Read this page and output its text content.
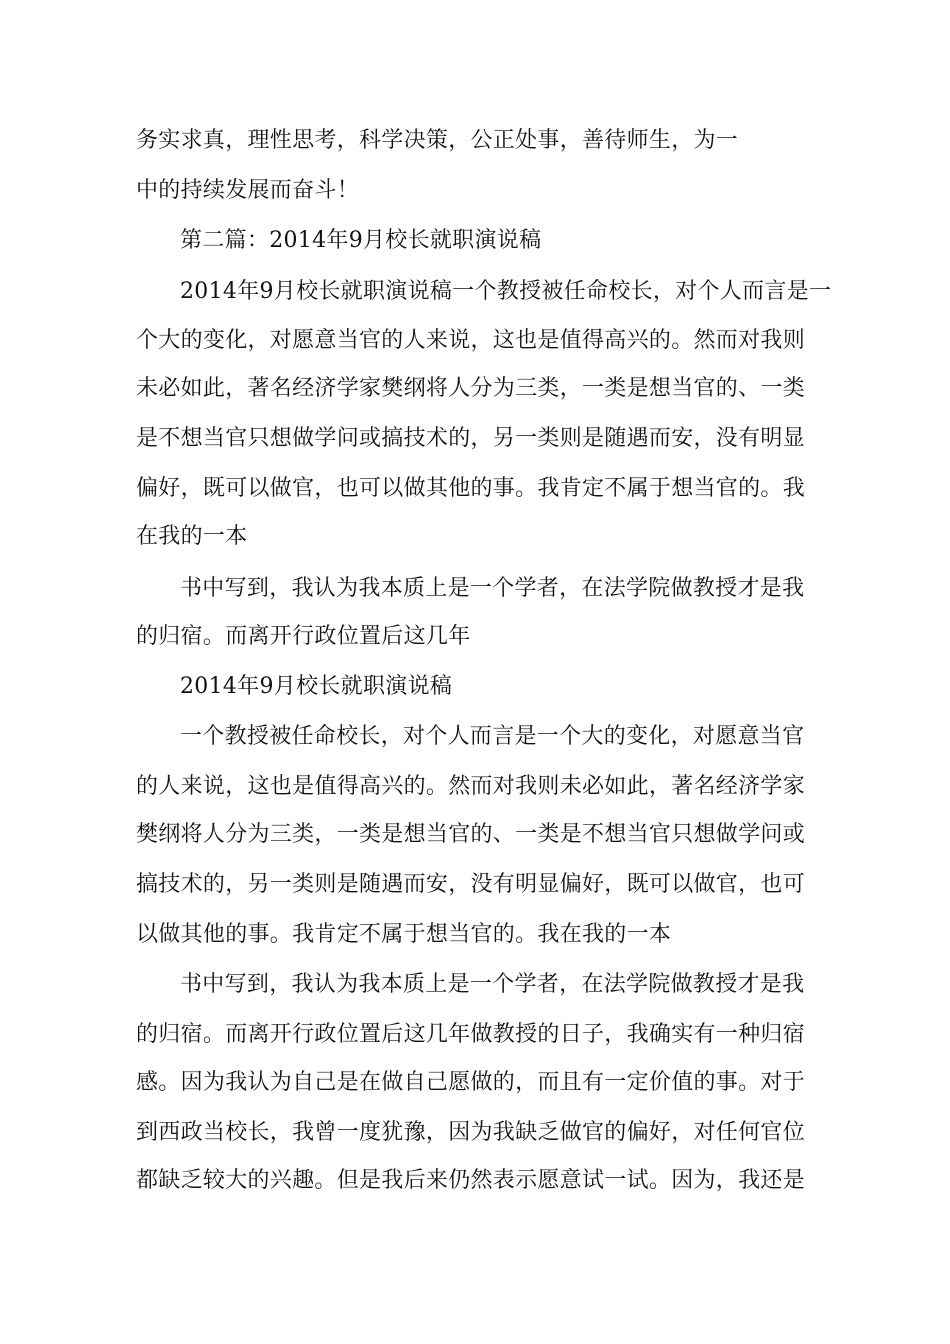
务实求真，理性思考，科学决策，公正处事，善待师生，为一
中的持续发展而奋斗！
第二篇：2014年9月校长就职演说稿
2014年9月校长就职演说稿一个教授被任命校长，对个人而言是一
个大的变化，对愿意当官的人来说，这也是值得高兴的。然而对我则
未必如此，著名经济学家樊纲将人分为三类，一类是想当官的、一类
是不想当官只想做学问或搞技术的，另一类则是随遇而安，没有明显
偏好，既可以做官，也可以做其他的事。我肯定不属于想当官的。我
在我的一本
书中写到，我认为我本质上是一个学者，在法学院做教授才是我
的归宿。而离开行政位置后这几年
2014年9月校长就职演说稿
一个教授被任命校长，对个人而言是一个大的变化，对愿意当官
的人来说，这也是值得高兴的。然而对我则未必如此，著名经济学家
樊纲将人分为三类，一类是想当官的、一类是不想当官只想做学问或
搞技术的，另一类则是随遇而安，没有明显偏好，既可以做官，也可
以做其他的事。我肯定不属于想当官的。我在我的一本
书中写到，我认为我本质上是一个学者，在法学院做教授才是我
的归宿。而离开行政位置后这几年做教授的日子，我确实有一种归宿
感。因为我认为自己是在做自己愿做的，而且有一定价值的事。对于
到西政当校长，我曾一度犹豫，因为我缺乏做官的偏好，对任何官位
都缺乏较大的兴趣。但是我后来仍然表示愿意试一试。因为，我还是
